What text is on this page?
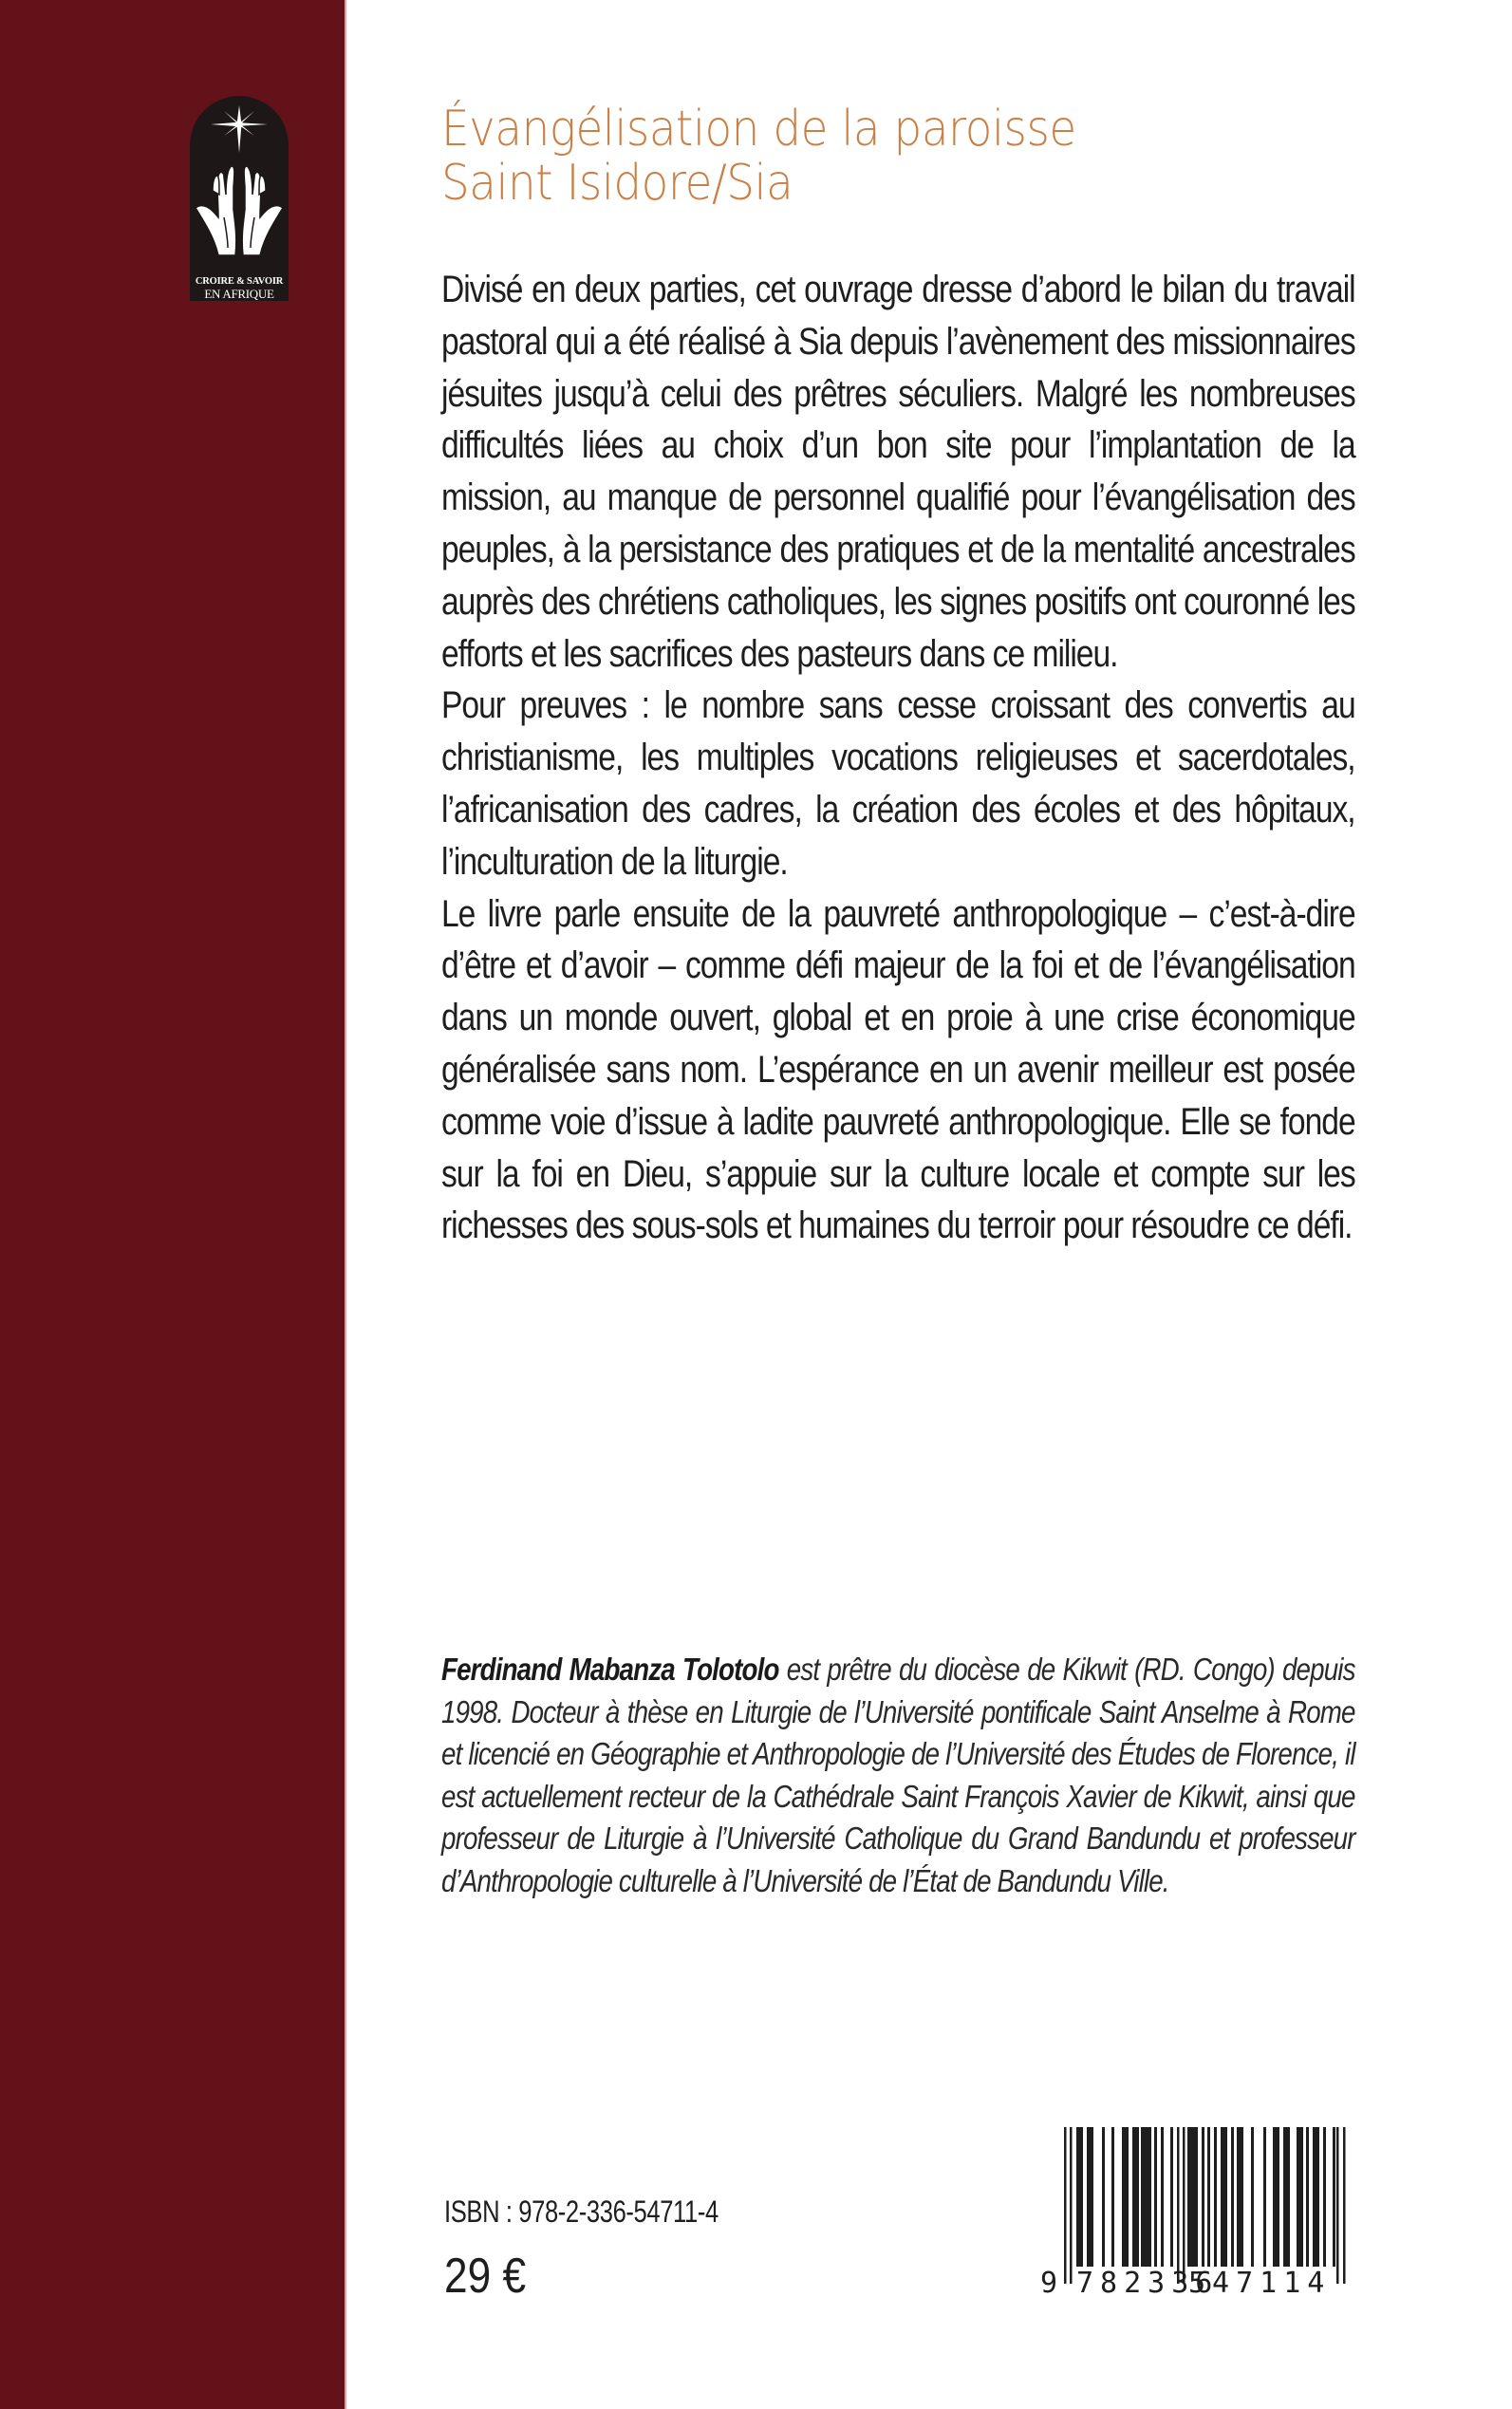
CROIRE & SAVOIR
EN AFRIQUE
Évangélisation de la paroisse
Saint Isidore/Sia

Divisé en deux parties, cet ouvrage dresse d’abord le bilan du travail pastoral qui a été réalisé à Sia depuis l’avènement des missionnaires jésuites jusqu’à celui des prêtres séculiers. Malgré les nombreuses difficultés liées au choix d’un bon site pour l’implantation de la mission, au manque de personnel qualifié pour l’évangélisation des peuples, à la persistance des pratiques et de la mentalité ancestrales auprès des chrétiens catholiques, les signes positifs ont couronné les efforts et les sacrifices des pasteurs dans ce milieu.

Pour preuves : le nombre sans cesse croissant des convertis au christianisme, les multiples vocations religieuses et sacerdotales, l’africanisation des cadres, la création des écoles et des hôpitaux, l’inculturation de la liturgie.

Le livre parle ensuite de la pauvreté anthropologique – c’est-à-dire d’être et d’avoir – comme défi majeur de la foi et de l’évangélisation dans un monde ouvert, global et en proie à une crise économique généralisée sans nom. L’espérance en un avenir meilleur est posée comme voie d’issue à ladite pauvreté anthropologique. Elle se fonde sur la foi en Dieu, s’appuie sur la culture locale et compte sur les richesses des sous-sols et humaines du terroir pour résoudre ce défi.

Ferdinand Mabanza Tolotolo est prêtre du diocèse de Kikwit (RD. Congo) depuis 1998. Docteur à thèse en Liturgie de l’Université pontificale Saint Anselme à Rome et licencié en Géographie et Anthropologie de l’Université des Études de Florence, il est actuellement recteur de la Cathédrale Saint François Xavier de Kikwit, ainsi que professeur de Liturgie à l’Université Catholique du Grand Bandundu et professeur d’Anthropologie culturelle à l’Université de l’État de Bandundu Ville.
ISBN : 978-2-336-54711-4
29 €	9 782336
547114
